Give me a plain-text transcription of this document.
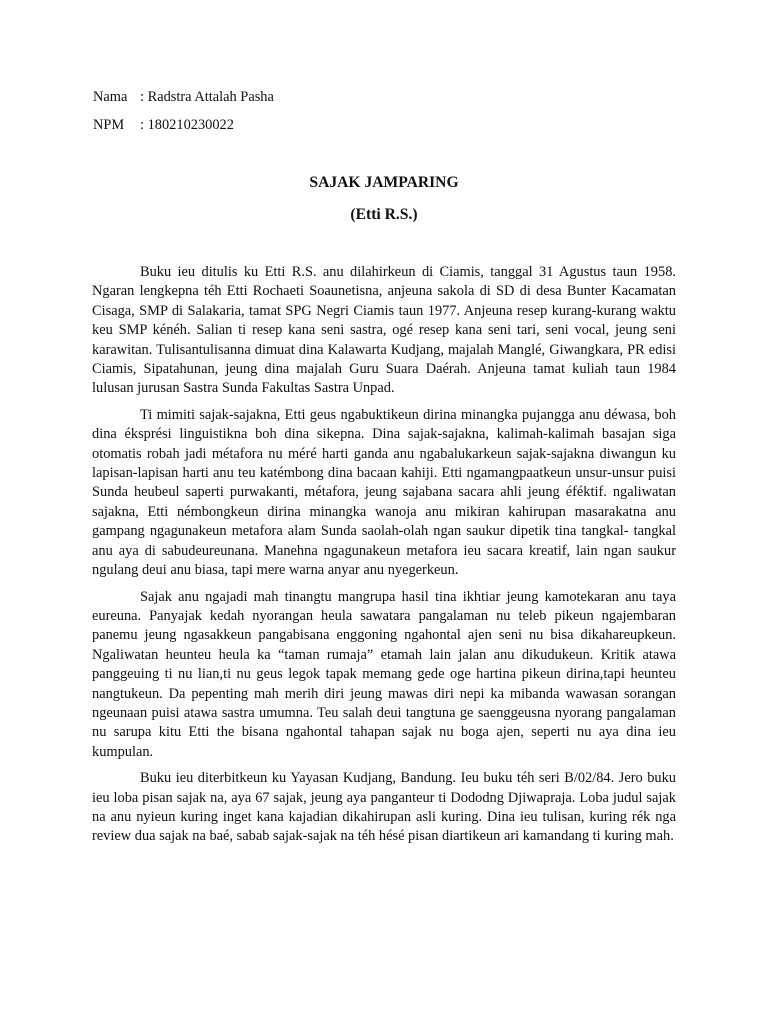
Nama : Radstra Attalah Pasha
NPM : 180210230022
SAJAK JAMPARING
(Etti R.S.)

Buku ieu ditulis ku Etti R.S. anu dilahirkeun di Ciamis, tanggal 31 Agustus taun 1958. Ngaran lengkepna téh Etti Rochaeti Soaunetisna, anjeuna sakola di SD di desa Bunter Kacamatan Cisaga, SMP di Salakaria, tamat SPG Negri Ciamis taun 1977. Anjeuna resep kurang-kurang waktu keu SMP kénéh. Salian ti resep kana seni sastra, ogé resep kana seni tari, seni vocal, jeung seni karawitan. Tulisantulisanna dimuat dina Kalawarta Kudjang, majalah Manglé, Giwangkara, PR edisi Ciamis, Sipatahunan, jeung dina majalah Guru Suara Daérah. Anjeuna tamat kuliah taun 1984 lulusan jurusan Sastra Sunda Fakultas Sastra Unpad.

Ti mimiti sajak-sajakna, Etti geus ngabuktikeun dirina minangka pujangga anu déwasa, boh dina éksprési linguistikna boh dina sikepna. Dina sajak-sajakna, kalimah-kalimah basajan siga otomatis robah jadi métafora nu méré harti ganda anu ngabalukarkeun sajak-sajakna diwangun ku lapisan-lapisan harti anu teu katémbong dina bacaan kahiji. Etti ngamangpaatkeun unsur-unsur puisi Sunda heubeul saperti purwakanti, métafora, jeung sajabana sacara ahli jeung éféktif. ngaliwatan sajakna, Etti némbongkeun dirina minangka wanoja anu mikiran kahirupan masarakatna anu gampang ngagunakeun metafora alam Sunda saolah-olah ngan saukur dipetik tina tangkal- tangkal anu aya di sabudeureunana. Manehna ngagunakeun metafora ieu sacara kreatif, lain ngan saukur ngulang deui anu biasa, tapi mere warna anyar anu nyegerkeun.

Sajak anu ngajadi mah tinangtu mangrupa hasil tina ikhtiar jeung kamotekaran anu taya eureuna. Panyajak kedah nyorangan heula sawatara pangalaman nu teleb pikeun ngajembaran panemu jeung ngasakkeun pangabisana enggoning ngahontal ajen seni nu bisa dikahareupkeun. Ngaliwatan heunteu heula ka “taman rumaja” etamah lain jalan anu dikudukeun. Kritik atawa panggeuing ti nu lian,ti nu geus legok tapak memang gede oge hartina pikeun dirina,tapi heunteu nangtukeun. Da pepenting mah merih diri jeung mawas diri nepi ka mibanda wawasan sorangan ngeunaan puisi atawa sastra umumna. Teu salah deui tangtuna ge saenggeusna nyorang pangalaman nu sarupa kitu Etti the bisana ngahontal tahapan sajak nu boga ajen, seperti nu aya dina ieu kumpulan.

Buku ieu diterbitkeun ku Yayasan Kudjang, Bandung. Ieu buku téh seri B/02/84. Jero buku ieu loba pisan sajak na, aya 67 sajak, jeung aya panganteur ti Dododng Djiwapraja. Loba judul sajak na anu nyieun kuring inget kana kajadian dikahirupan asli kuring. Dina ieu tulisan, kuring rék nga review dua sajak na baé, sabab sajak-sajak na téh hésé pisan diartikeun ari kamandang ti kuring mah.
